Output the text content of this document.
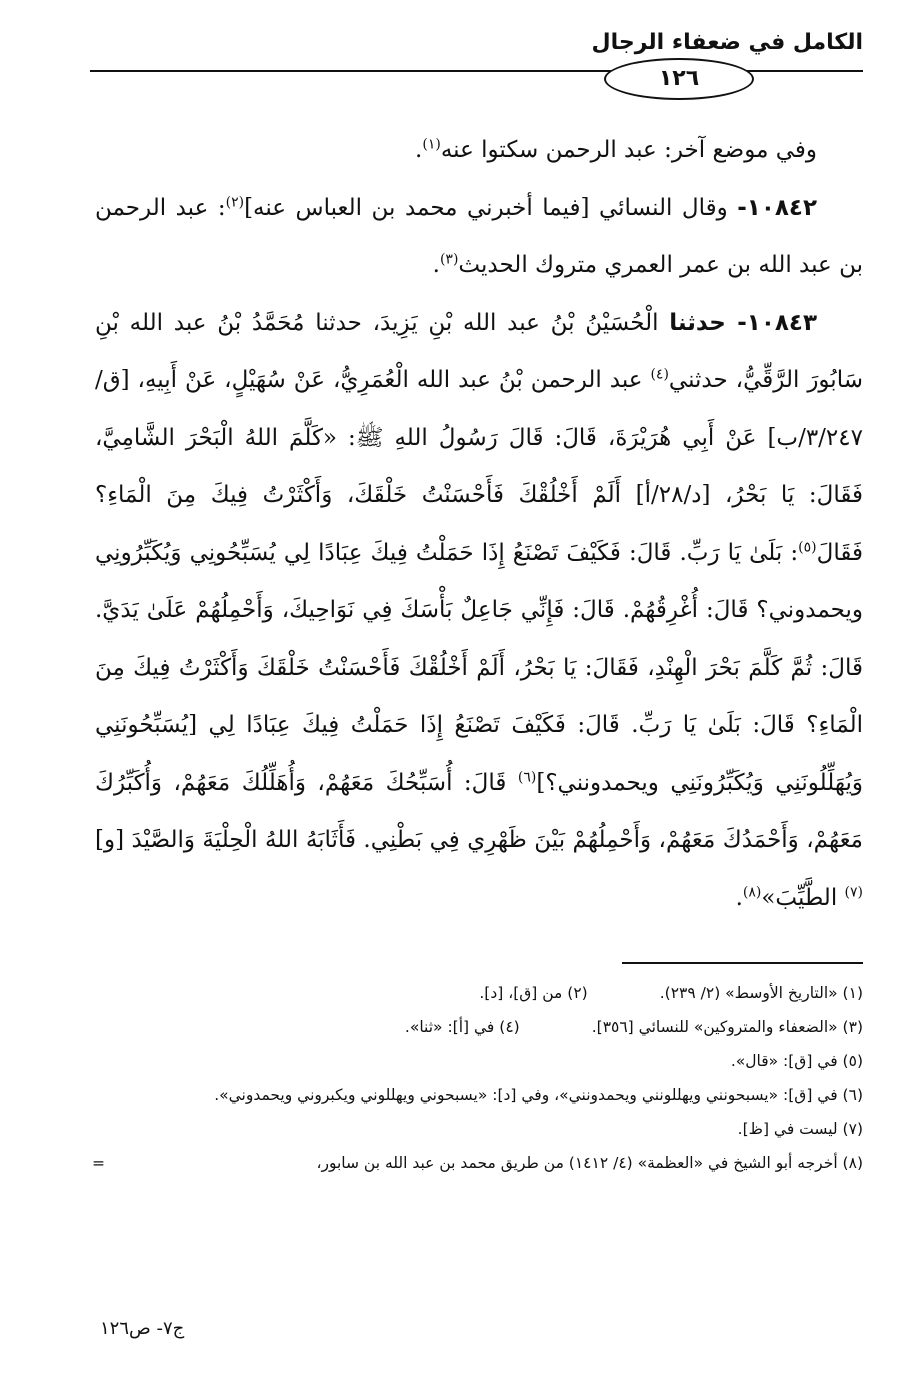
الكامل في ضعفاء الرجال
١٢٦

وفي موضع آخر: عبد الرحمن سكتوا عنه$^{(١)}$.

١٠٨٤٢- وقال النسائي [فيما أخبرني محمد بن العباس عنه]$^{(٢)}$: عبد الرحمن بن عبد الله بن عمر العمري متروك الحديث$^{(٣)}$.

١٠٨٤٣- حدثنا الْحُسَيْنُ بْنُ عبد الله بْنِ يَزِيدَ، حدثنا مُحَمَّدُ بْنُ عبد الله بْنِ سَابُورَ الرَّقِّيُّ، حدثني$^{(٤)}$ عبد الرحمن بْنُ عبد الله الْعُمَرِيُّ، عَنْ سُهَيْلٍ، عَنْ أَبِيهِ، [ق/٣/٢٤٧/ب] عَنْ أَبِي هُرَيْرَةَ، قَالَ: قَالَ رَسُولُ اللهِ ﷺ: «كَلَّمَ اللهُ الْبَحْرَ الشَّامِيَّ، فَقَالَ: يَا بَحْرُ، [د/٢٨/أ] أَلَمْ أَخْلُقْكَ فَأَحْسَنْتُ خَلْقَكَ، وَأَكْثَرْتُ فِيكَ مِنَ الْمَاءِ؟ فَقَالَ$^{(٥)}$: بَلَىٰ يَا رَبِّ. قَالَ: فَكَيْفَ تَصْنَعُ إِذَا حَمَلْتُ فِيكَ عِبَادًا لِي يُسَبِّحُونِي وَيُكَبِّرُونِي ويحمدوني؟ قَالَ: أُغْرِقُهُمْ. قَالَ: فَإِنِّي جَاعِلٌ بَأْسَكَ فِي نَوَاحِيكَ، وَأَحْمِلُهُمْ عَلَىٰ يَدَيَّ. قَالَ: ثُمَّ كَلَّمَ بَحْرَ الْهِنْدِ، فَقَالَ: يَا بَحْرُ، أَلَمْ أَخْلُقْكَ فَأَحْسَنْتُ خَلْقَكَ وَأَكْثَرْتُ فِيكَ مِنَ الْمَاءِ؟ قَالَ: بَلَىٰ يَا رَبِّ. قَالَ: فَكَيْفَ تَصْنَعُ إِذَا حَمَلْتُ فِيكَ عِبَادًا لِي [يُسَبِّحُونَنِي وَيُهَلِّلُونَنِي وَيُكَبِّرُونَنِي ويحمدونني؟]$^{(٦)}$ قَالَ: أُسَبِّحُكَ مَعَهُمْ، وَأُهَلِّلُكَ مَعَهُمْ، وَأُكَبِّرُكَ مَعَهُمْ، وَأَحْمَدُكَ مَعَهُمْ، وَأَحْمِلُهُمْ بَيْنَ ظَهْرِي فِي بَطْنِي. فَأَثَابَهُ اللهُ الْحِلْيَةَ وَالصَّيْدَ [و]$^{(٧)}$ الطَّيِّبَ»$^{(٨)}$.

(١) «التاريخ الأوسط» (٢/ ٢٣٩).

(٢) من [ق]، [د].

(٣) «الضعفاء والمتروكين» للنسائي [٣٥٦].

(٤) في [أ]: «ثنا».

(٥) في [ق]: «قال».

(٦) في [ق]: «يسبحونني ويهللونني ويحمدونني»، وفي [د]: «يسبحوني ويهللوني ويكبروني ويحمدوني».

(٧) ليست في [ظ].

(٨) أخرجه أبو الشيخ في «العظمة» (٤/ ١٤١٢) من طريق محمد بن عبد الله بن سابور،

=
ج٧- ص١٢٦
